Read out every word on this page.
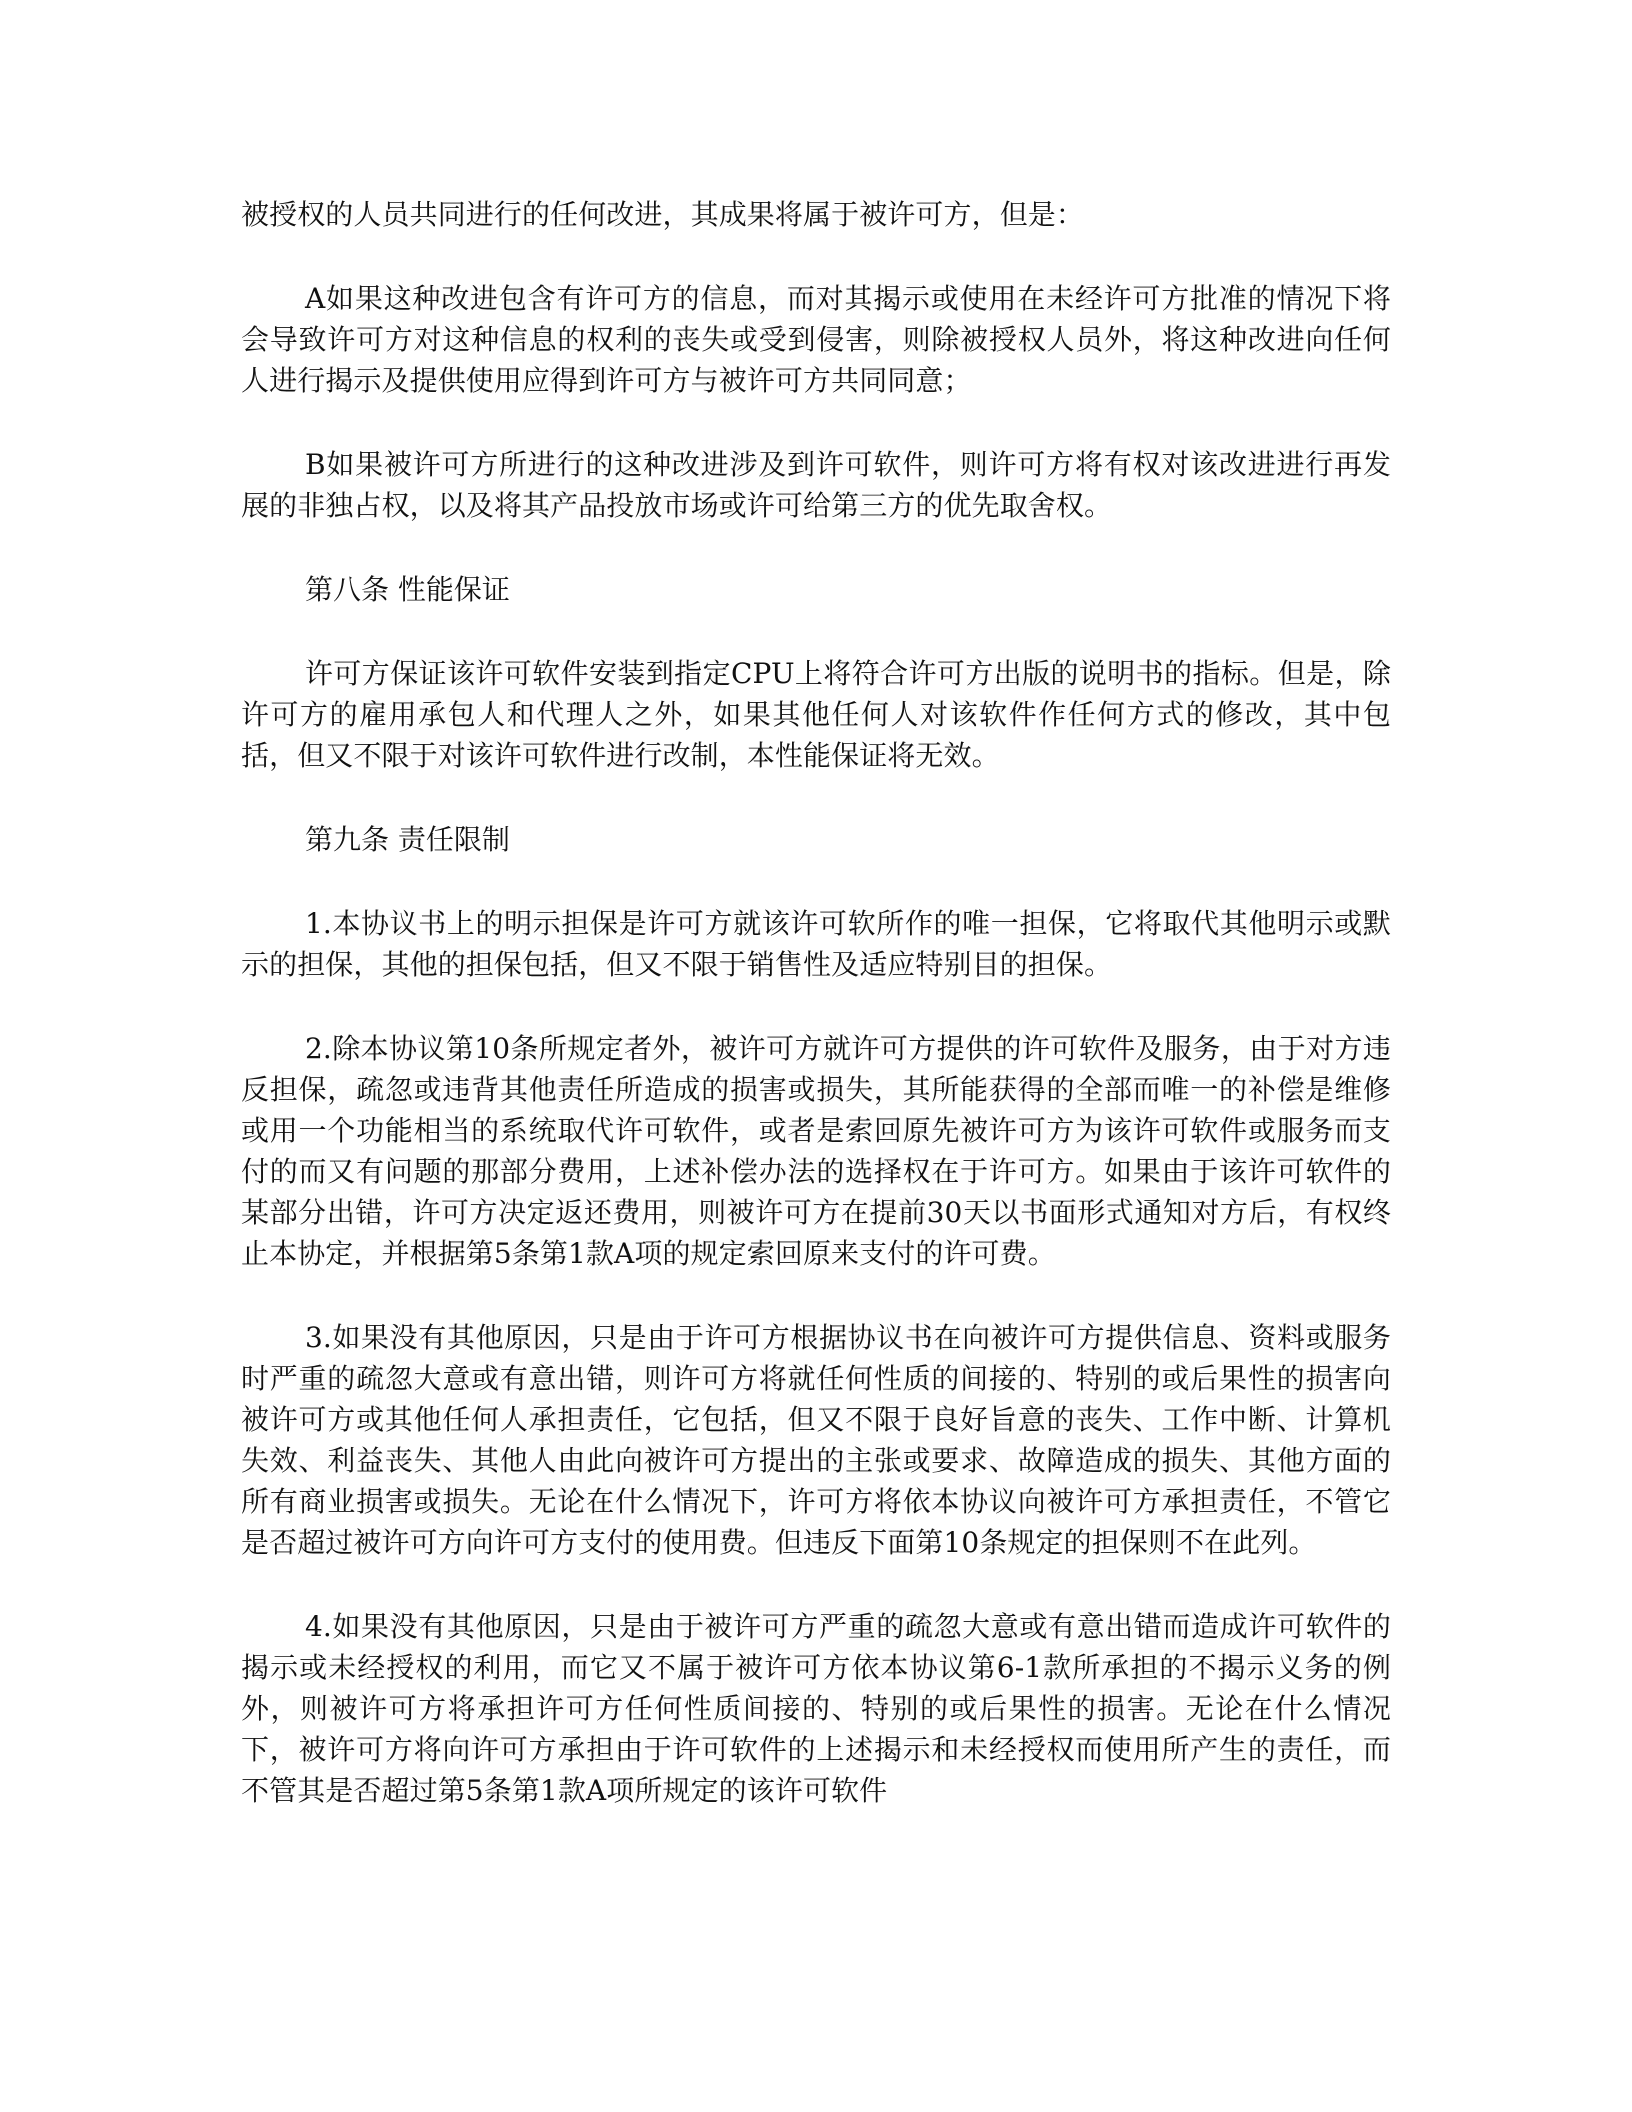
被授权的人员共同进行的任何改进，其成果将属于被许可方，但是：

A如果这种改进包含有许可方的信息，而对其揭示或使用在未经许可方批准的情况下将会导致许可方对这种信息的权利的丧失或受到侵害，则除被授权人员外，将这种改进向任何人进行揭示及提供使用应得到许可方与被许可方共同同意；

B如果被许可方所进行的这种改进涉及到许可软件，则许可方将有权对该改进进行再发展的非独占权，以及将其产品投放市场或许可给第三方的优先取舍权。

第八条 性能保证

许可方保证该许可软件安装到指定CPU上将符合许可方出版的说明书的指标。但是，除许可方的雇用承包人和代理人之外，如果其他任何人对该软件作任何方式的修改，其中包括，但又不限于对该许可软件进行改制，本性能保证将无效。

第九条 责任限制

1.本协议书上的明示担保是许可方就该许可软所作的唯一担保，它将取代其他明示或默示的担保，其他的担保包括，但又不限于销售性及适应特别目的担保。

2.除本协议第10条所规定者外，被许可方就许可方提供的许可软件及服务，由于对方违反担保，疏忽或违背其他责任所造成的损害或损失，其所能获得的全部而唯一的补偿是维修或用一个功能相当的系统取代许可软件，或者是索回原先被许可方为该许可软件或服务而支付的而又有问题的那部分费用，上述补偿办法的选择权在于许可方。如果由于该许可软件的某部分出错，许可方决定返还费用，则被许可方在提前30天以书面形式通知对方后，有权终止本协定，并根据第5条第1款A项的规定索回原来支付的许可费。

3.如果没有其他原因，只是由于许可方根据协议书在向被许可方提供信息、资料或服务时严重的疏忽大意或有意出错，则许可方将就任何性质的间接的、特别的或后果性的损害向被许可方或其他任何人承担责任，它包括，但又不限于良好旨意的丧失、工作中断、计算机失效、利益丧失、其他人由此向被许可方提出的主张或要求、故障造成的损失、其他方面的所有商业损害或损失。无论在什么情况下，许可方将依本协议向被许可方承担责任，不管它是否超过被许可方向许可方支付的使用费。但违反下面第10条规定的担保则不在此列。

4.如果没有其他原因，只是由于被许可方严重的疏忽大意或有意出错而造成许可软件的揭示或未经授权的利用，而它又不属于被许可方依本协议第6-1款所承担的不揭示义务的例外，则被许可方将承担许可方任何性质间接的、特别的或后果性的损害。无论在什么情况下，被许可方将向许可方承担由于许可软件的上述揭示和未经授权而使用所产生的责任，而不管其是否超过第5条第1款A项所规定的该许可软件
